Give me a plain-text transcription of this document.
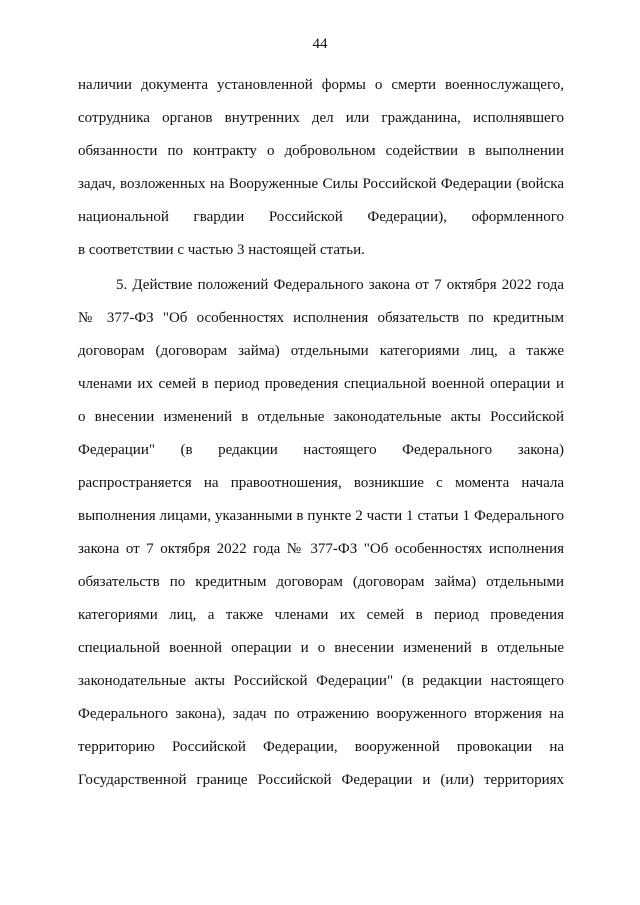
44
наличии документа установленной формы о смерти военнослужащего,
сотрудника органов внутренних дел или гражданина, исполнявшего
обязанности по контракту о добровольном содействии в выполнении
задач, возложенных на Вооруженные Силы Российской Федерации (войска
национальной гвардии Российской Федерации), оформленного
в соответствии с частью 3 настоящей статьи.
5. Действие положений Федерального закона от 7 октября 2022 года
№ 377-ФЗ "Об особенностях исполнения обязательств по кредитным
договорам (договорам займа) отдельными категориями лиц, а также
членами их семей в период проведения специальной военной операции и
о внесении изменений в отдельные законодательные акты Российской
Федерации" (в редакции настоящего Федерального закона)
распространяется на правоотношения, возникшие с момента начала
выполнения лицами, указанными в пункте 2 части 1 статьи 1 Федерального
закона от 7 октября 2022 года № 377-ФЗ "Об особенностях исполнения
обязательств по кредитным договорам (договорам займа) отдельными
категориями лиц, а также членами их семей в период проведения
специальной военной операции и о внесении изменений в отдельные
законодательные акты Российской Федерации" (в редакции настоящего
Федерального закона), задач по отражению вооруженного вторжения на
территорию Российской Федерации, вооруженной провокации на
Государственной границе Российской Федерации и (или) территориях
